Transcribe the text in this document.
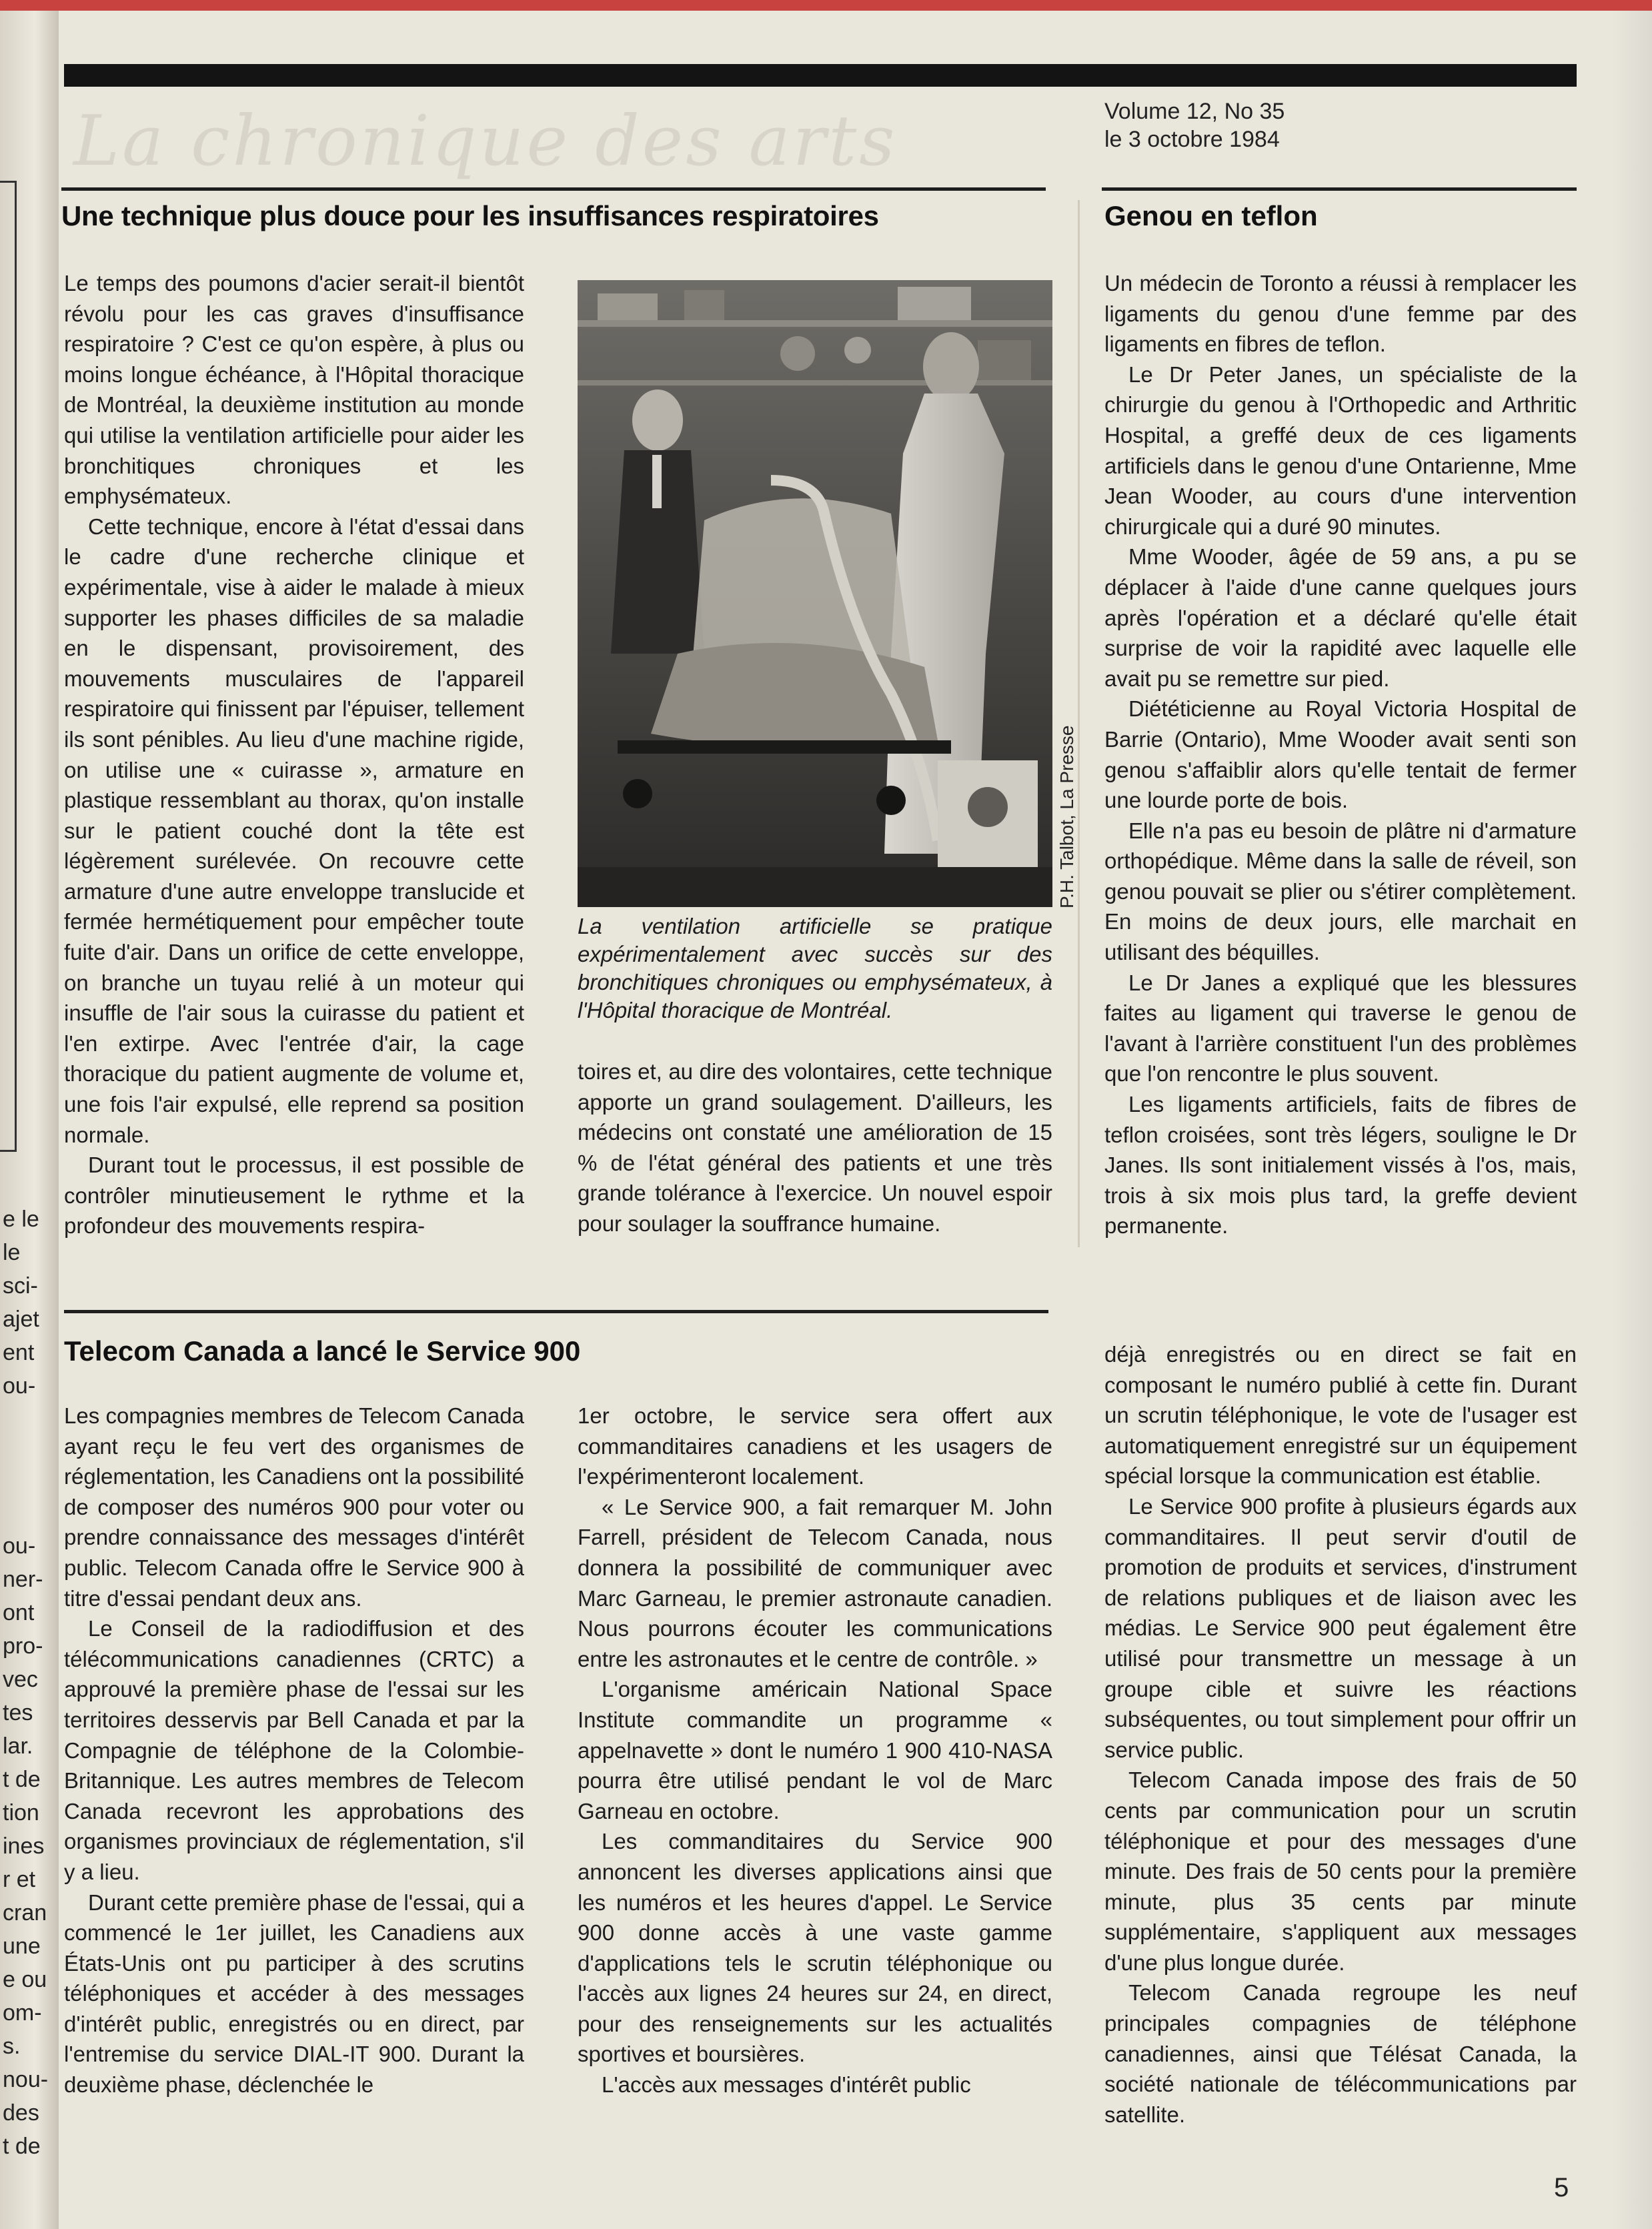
e le
le
sci-
ajet
ent
ou-
ou-
ner-
ont
pro-
vec
tes
lar.
t de
tion
ines
r et
cran
une
e ou
om-
s.
nou-
des
t de
La chronique des arts	Volume 12, No 35
le 3 octobre 1984
Une technique plus douce pour les insuffisances respiratoires

Le temps des poumons d'acier serait-il bientôt révolu pour les cas graves d'insuffisance respiratoire ? C'est ce qu'on espère, à plus ou moins longue échéance, à l'Hôpital thoracique de Montréal, la deuxième institution au monde qui utilise la ventilation artificielle pour aider les bronchitiques chroniques et les emphysémateux.

Cette technique, encore à l'état d'essai dans le cadre d'une recherche clinique et expérimentale, vise à aider le malade à mieux supporter les phases difficiles de sa maladie en le dispensant, provisoirement, des mouvements musculaires de l'appareil respiratoire qui finissent par l'épuiser, tellement ils sont pénibles. Au lieu d'une machine rigide, on utilise une « cuirasse », armature en plastique ressemblant au thorax, qu'on installe sur le patient couché dont la tête est légèrement surélevée. On recouvre cette armature d'une autre enveloppe translucide et fermée hermétiquement pour empêcher toute fuite d'air. Dans un orifice de cette enveloppe, on branche un tuyau relié à un moteur qui insuffle de l'air sous la cuirasse du patient et l'en extirpe. Avec l'entrée d'air, la cage thoracique du patient augmente de volume et, une fois l'air expulsé, elle reprend sa position normale.

Durant tout le processus, il est possible de contrôler minutieusement le rythme et la profondeur des mouvements respira-

P.H. Talbot, La Presse
La ventilation artificielle se pratique expérimentalement avec succès sur des bronchitiques chroniques ou emphysémateux, à l'Hôpital thoracique de Montréal.

toires et, au dire des volontaires, cette technique apporte un grand soulagement. D'ailleurs, les médecins ont constaté une amélioration de 15 % de l'état général des patients et une très grande tolérance à l'exercice. Un nouvel espoir pour soulager la souffrance humaine.

Genou en teflon

Un médecin de Toronto a réussi à remplacer les ligaments du genou d'une femme par des ligaments en fibres de teflon.

Le Dr Peter Janes, un spécialiste de la chirurgie du genou à l'Orthopedic and Arthritic Hospital, a greffé deux de ces ligaments artificiels dans le genou d'une Ontarienne, Mme Jean Wooder, au cours d'une intervention chirurgicale qui a duré 90 minutes.

Mme Wooder, âgée de 59 ans, a pu se déplacer à l'aide d'une canne quelques jours après l'opération et a déclaré qu'elle était surprise de voir la rapidité avec laquelle elle avait pu se remettre sur pied.

Diététicienne au Royal Victoria Hospital de Barrie (Ontario), Mme Wooder avait senti son genou s'affaiblir alors qu'elle tentait de fermer une lourde porte de bois.

Elle n'a pas eu besoin de plâtre ni d'armature orthopédique. Même dans la salle de réveil, son genou pouvait se plier ou s'étirer complètement. En moins de deux jours, elle marchait en utilisant des béquilles.

Le Dr Janes a expliqué que les blessures faites au ligament qui traverse le genou de l'avant à l'arrière constituent l'un des problèmes que l'on rencontre le plus souvent.

Les ligaments artificiels, faits de fibres de teflon croisées, sont très légers, souligne le Dr Janes. Ils sont initialement vissés à l'os, mais, trois à six mois plus tard, la greffe devient permanente.

Telecom Canada a lancé le Service 900

Les compagnies membres de Telecom Canada ayant reçu le feu vert des organismes de réglementation, les Canadiens ont la possibilité de composer des numéros 900 pour voter ou prendre connaissance des messages d'intérêt public. Telecom Canada offre le Service 900 à titre d'essai pendant deux ans.

Le Conseil de la radiodiffusion et des télécommunications canadiennes (CRTC) a approuvé la première phase de l'essai sur les territoires desservis par Bell Canada et par la Compagnie de téléphone de la Colombie-Britannique. Les autres membres de Telecom Canada recevront les approbations des organismes provinciaux de réglementation, s'il y a lieu.

Durant cette première phase de l'essai, qui a commencé le 1er juillet, les Canadiens aux États-Unis ont pu participer à des scrutins téléphoniques et accéder à des messages d'intérêt public, enregistrés ou en direct, par l'entremise du service DIAL-IT 900. Durant la deuxième phase, déclenchée le

1er octobre, le service sera offert aux commanditaires canadiens et les usagers de l'expérimenteront localement.

« Le Service 900, a fait remarquer M. John Farrell, président de Telecom Canada, nous donnera la possibilité de communiquer avec Marc Garneau, le premier astronaute canadien. Nous pourrons écouter les communications entre les astronautes et le centre de contrôle. »

L'organisme américain National Space Institute commandite un programme « appelnavette » dont le numéro 1 900 410-NASA pourra être utilisé pendant le vol de Marc Garneau en octobre.

Les commanditaires du Service 900 annoncent les diverses applications ainsi que les numéros et les heures d'appel. Le Service 900 donne accès à une vaste gamme d'applications tels le scrutin téléphonique ou l'accès aux lignes 24 heures sur 24, en direct, pour des renseignements sur les actualités sportives et boursières.

L'accès aux messages d'intérêt public

déjà enregistrés ou en direct se fait en composant le numéro publié à cette fin. Durant un scrutin téléphonique, le vote de l'usager est automatiquement enregistré sur un équipement spécial lorsque la communication est établie.

Le Service 900 profite à plusieurs égards aux commanditaires. Il peut servir d'outil de promotion de produits et services, d'instrument de relations publiques et de liaison avec les médias. Le Service 900 peut également être utilisé pour transmettre un message à un groupe cible et suivre les réactions subséquentes, ou tout simplement pour offrir un service public.

Telecom Canada impose des frais de 50 cents par communication pour un scrutin téléphonique et pour des messages d'une minute. Des frais de 50 cents pour la première minute, plus 35 cents par minute supplémentaire, s'appliquent aux messages d'une plus longue durée.

Telecom Canada regroupe les neuf principales compagnies de téléphone canadiennes, ainsi que Télésat Canada, la société nationale de télécommunications par satellite.

5
